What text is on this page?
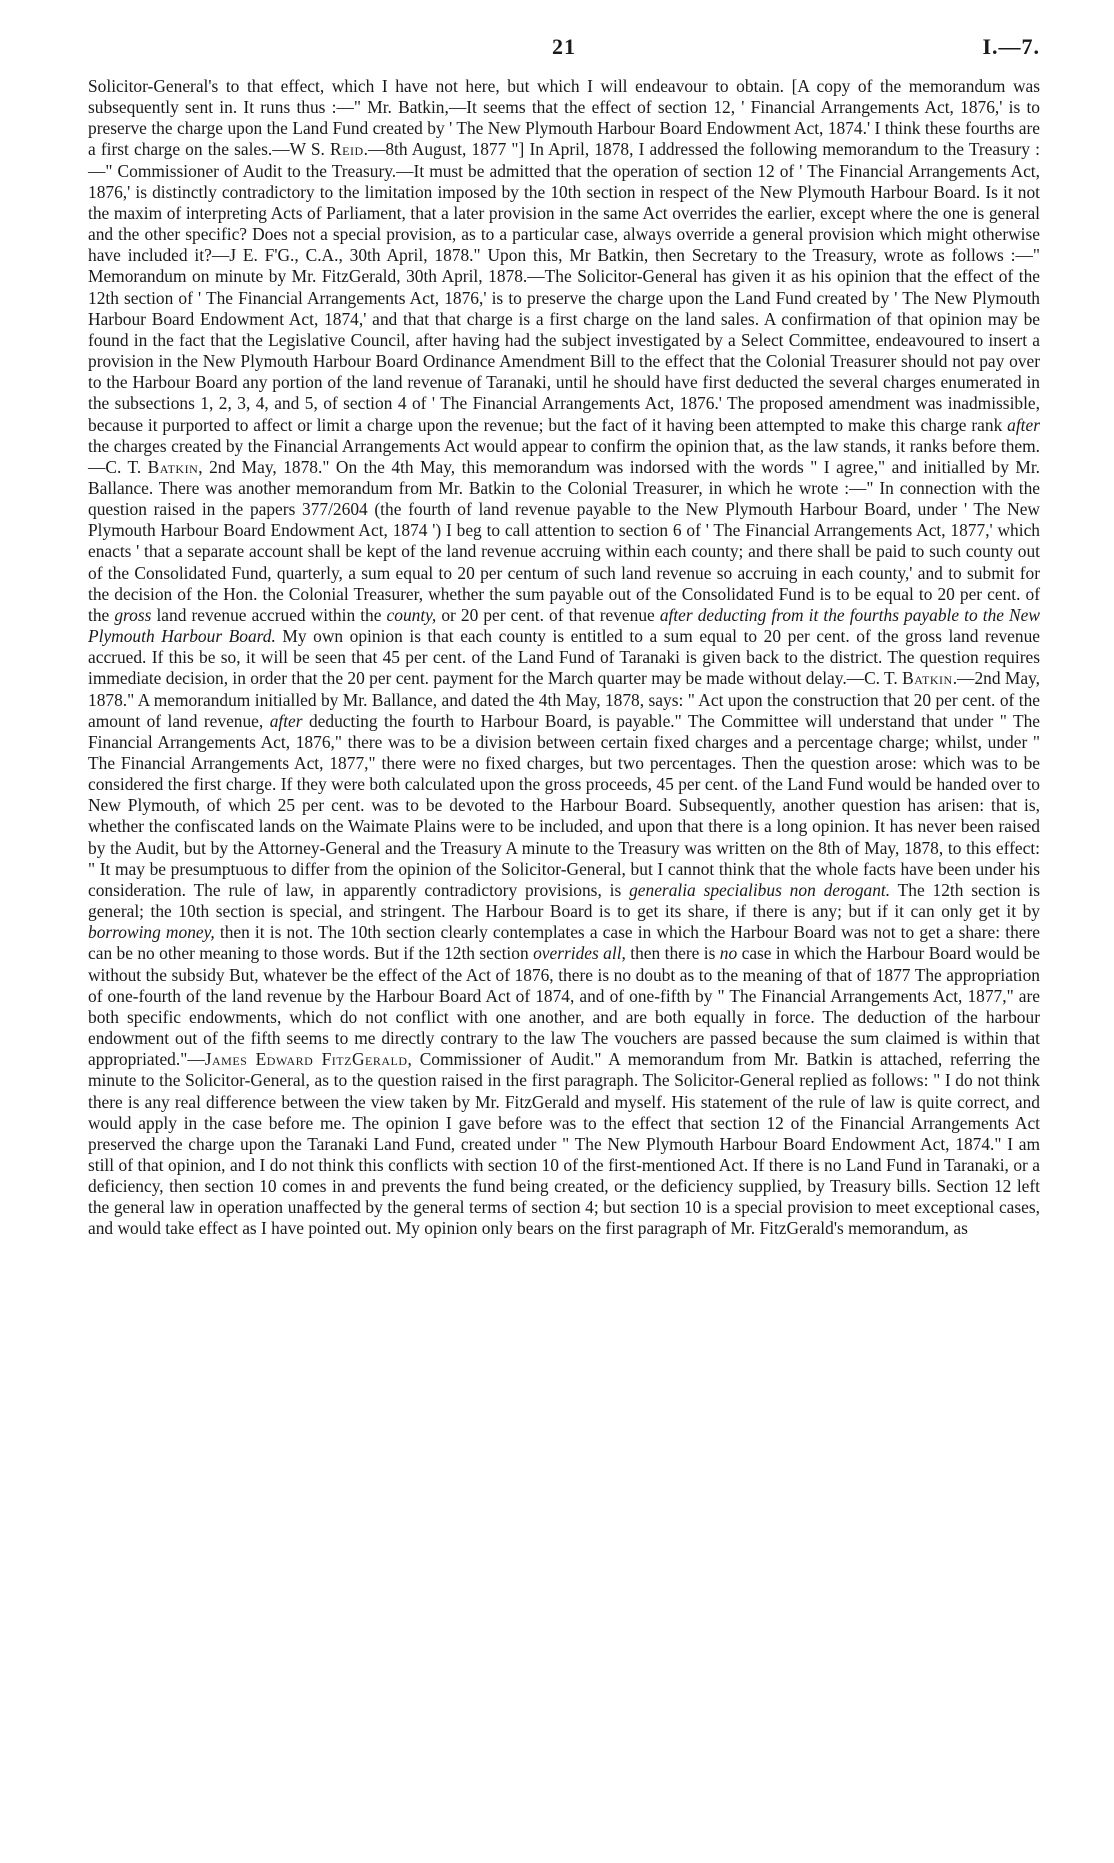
21	I.—7.

Solicitor-General's to that effect, which I have not here, but which I will endeavour to obtain. [A copy of the memorandum was subsequently sent in. It runs thus :—" Mr. Batkin,—It seems that the effect of section 12, ' Financial Arrangements Act, 1876,' is to preserve the charge upon the Land Fund created by ' The New Plymouth Harbour Board Endowment Act, 1874.' I think these fourths are a first charge on the sales.—W S. Reid.—8th August, 1877 "] In April, 1878, I addressed the following memorandum to the Treasury :—" Commissioner of Audit to the Treasury.—It must be admitted that the operation of section 12 of ' The Financial Arrangements Act, 1876,' is distinctly contradictory to the limitation imposed by the 10th section in respect of the New Plymouth Harbour Board. Is it not the maxim of interpreting Acts of Parliament, that a later provision in the same Act overrides the earlier, except where the one is general and the other specific? Does not a special provision, as to a particular case, always override a general provision which might otherwise have included it?—J E. F'G., C.A., 30th April, 1878." Upon this, Mr Batkin, then Secretary to the Treasury, wrote as follows :—" Memorandum on minute by Mr. FitzGerald, 30th April, 1878.—The Solicitor-General has given it as his opinion that the effect of the 12th section of ' The Financial Arrangements Act, 1876,' is to preserve the charge upon the Land Fund created by ' The New Plymouth Harbour Board Endowment Act, 1874,' and that that charge is a first charge on the land sales. A confirmation of that opinion may be found in the fact that the Legislative Council, after having had the subject investigated by a Select Committee, endeavoured to insert a provision in the New Plymouth Harbour Board Ordinance Amendment Bill to the effect that the Colonial Treasurer should not pay over to the Harbour Board any portion of the land revenue of Taranaki, until he should have first deducted the several charges enumerated in the subsections 1, 2, 3, 4, and 5, of section 4 of ' The Financial Arrangements Act, 1876.' The proposed amendment was inadmissible, because it purported to affect or limit a charge upon the revenue; but the fact of it having been attempted to make this charge rank after the charges created by the Financial Arrangements Act would appear to confirm the opinion that, as the law stands, it ranks before them.—C. T. Batkin, 2nd May, 1878." On the 4th May, this memorandum was indorsed with the words " I agree," and initialled by Mr. Ballance. There was another memorandum from Mr. Batkin to the Colonial Treasurer, in which he wrote :—" In connection with the question raised in the papers 377/2604 (the fourth of land revenue payable to the New Plymouth Harbour Board, under ' The New Plymouth Harbour Board Endowment Act, 1874 ') I beg to call attention to section 6 of ' The Financial Arrangements Act, 1877,' which enacts ' that a separate account shall be kept of the land revenue accruing within each county; and there shall be paid to such county out of the Consolidated Fund, quarterly, a sum equal to 20 per centum of such land revenue so accruing in each county,' and to submit for the decision of the Hon. the Colonial Treasurer, whether the sum payable out of the Consolidated Fund is to be equal to 20 per cent. of the gross land revenue accrued within the county, or 20 per cent. of that revenue after deducting from it the fourths payable to the New Plymouth Harbour Board. My own opinion is that each county is entitled to a sum equal to 20 per cent. of the gross land revenue accrued. If this be so, it will be seen that 45 per cent. of the Land Fund of Taranaki is given back to the district. The question requires immediate decision, in order that the 20 per cent. payment for the March quarter may be made without delay.—C. T. Batkin.—2nd May, 1878." A memorandum initialled by Mr. Ballance, and dated the 4th May, 1878, says: " Act upon the construction that 20 per cent. of the amount of land revenue, after deducting the fourth to Harbour Board, is payable." The Committee will understand that under " The Financial Arrangements Act, 1876," there was to be a division between certain fixed charges and a percentage charge; whilst, under " The Financial Arrangements Act, 1877," there were no fixed charges, but two percentages. Then the question arose: which was to be considered the first charge. If they were both calculated upon the gross proceeds, 45 per cent. of the Land Fund would be handed over to New Plymouth, of which 25 per cent. was to be devoted to the Harbour Board. Subsequently, another question has arisen: that is, whether the confiscated lands on the Waimate Plains were to be included, and upon that there is a long opinion. It has never been raised by the Audit, but by the Attorney-General and the Treasury A minute to the Treasury was written on the 8th of May, 1878, to this effect: " It may be presumptuous to differ from the opinion of the Solicitor-General, but I cannot think that the whole facts have been under his consideration. The rule of law, in apparently contradictory provisions, is generalia specialibus non derogant. The 12th section is general; the 10th section is special, and stringent. The Harbour Board is to get its share, if there is any; but if it can only get it by borrowing money, then it is not. The 10th section clearly contemplates a case in which the Harbour Board was not to get a share: there can be no other meaning to those words. But if the 12th section overrides all, then there is no case in which the Harbour Board would be without the subsidy But, whatever be the effect of the Act of 1876, there is no doubt as to the meaning of that of 1877 The appropriation of one-fourth of the land revenue by the Harbour Board Act of 1874, and of one-fifth by " The Financial Arrangements Act, 1877," are both specific endowments, which do not conflict with one another, and are both equally in force. The deduction of the harbour endowment out of the fifth seems to me directly contrary to the law The vouchers are passed because the sum claimed is within that appropriated."—James Edward FitzGerald, Commissioner of Audit." A memorandum from Mr. Batkin is attached, referring the minute to the Solicitor-General, as to the question raised in the first paragraph. The Solicitor-General replied as follows: " I do not think there is any real difference between the view taken by Mr. FitzGerald and myself. His statement of the rule of law is quite correct, and would apply in the case before me. The opinion I gave before was to the effect that section 12 of the Financial Arrangements Act preserved the charge upon the Taranaki Land Fund, created under " The New Plymouth Harbour Board Endowment Act, 1874." I am still of that opinion, and I do not think this conflicts with section 10 of the first-mentioned Act. If there is no Land Fund in Taranaki, or a deficiency, then section 10 comes in and prevents the fund being created, or the deficiency supplied, by Treasury bills. Section 12 left the general law in operation unaffected by the general terms of section 4; but section 10 is a special provision to meet exceptional cases, and would take effect as I have pointed out. My opinion only bears on the first paragraph of Mr. FitzGerald's memorandum, as
